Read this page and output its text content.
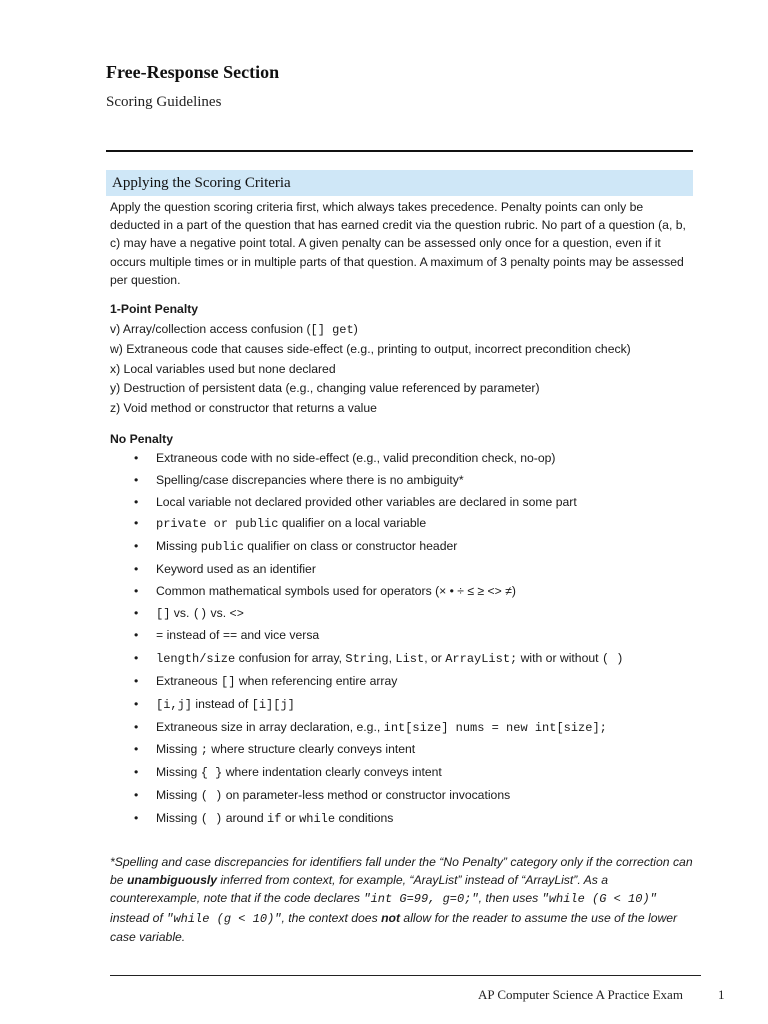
Free-Response Section
Scoring Guidelines
Applying the Scoring Criteria
Apply the question scoring criteria first, which always takes precedence. Penalty points can only be deducted in a part of the question that has earned credit via the question rubric. No part of a question (a, b, c) may have a negative point total. A given penalty can be assessed only once for a question, even if it occurs multiple times or in multiple parts of that question. A maximum of 3 penalty points may be assessed per question.
1-Point Penalty
v) Array/collection access confusion ([] get)
w) Extraneous code that causes side-effect (e.g., printing to output, incorrect precondition check)
x) Local variables used but none declared
y) Destruction of persistent data (e.g., changing value referenced by parameter)
z) Void method or constructor that returns a value
No Penalty
• Extraneous code with no side-effect (e.g., valid precondition check, no-op)
• Spelling/case discrepancies where there is no ambiguity*
• Local variable not declared provided other variables are declared in some part
• private or public qualifier on a local variable
• Missing public qualifier on class or constructor header
• Keyword used as an identifier
• Common mathematical symbols used for operators (× • ÷ ≤ ≥ <> ≠)
• [] vs. () vs. <>
• = instead of == and vice versa
• length/size confusion for array, String, List, or ArrayList; with or without ( )
• Extraneous [] when referencing entire array
• [i,j] instead of [i][j]
• Extraneous size in array declaration, e.g., int[size] nums = new int[size];
• Missing ; where structure clearly conveys intent
• Missing { } where indentation clearly conveys intent
• Missing ( ) on parameter-less method or constructor invocations
• Missing ( ) around if or while conditions
*Spelling and case discrepancies for identifiers fall under the “No Penalty” category only if the correction can be unambiguously inferred from context, for example, “ArayList” instead of “ArrayList”. As a counterexample, note that if the code declares "int G=99, g=0;", then uses "while (G < 10)" instead of "while (g < 10)", the context does not allow for the reader to assume the use of the lower case variable.
AP Computer Science A Practice Exam	1
